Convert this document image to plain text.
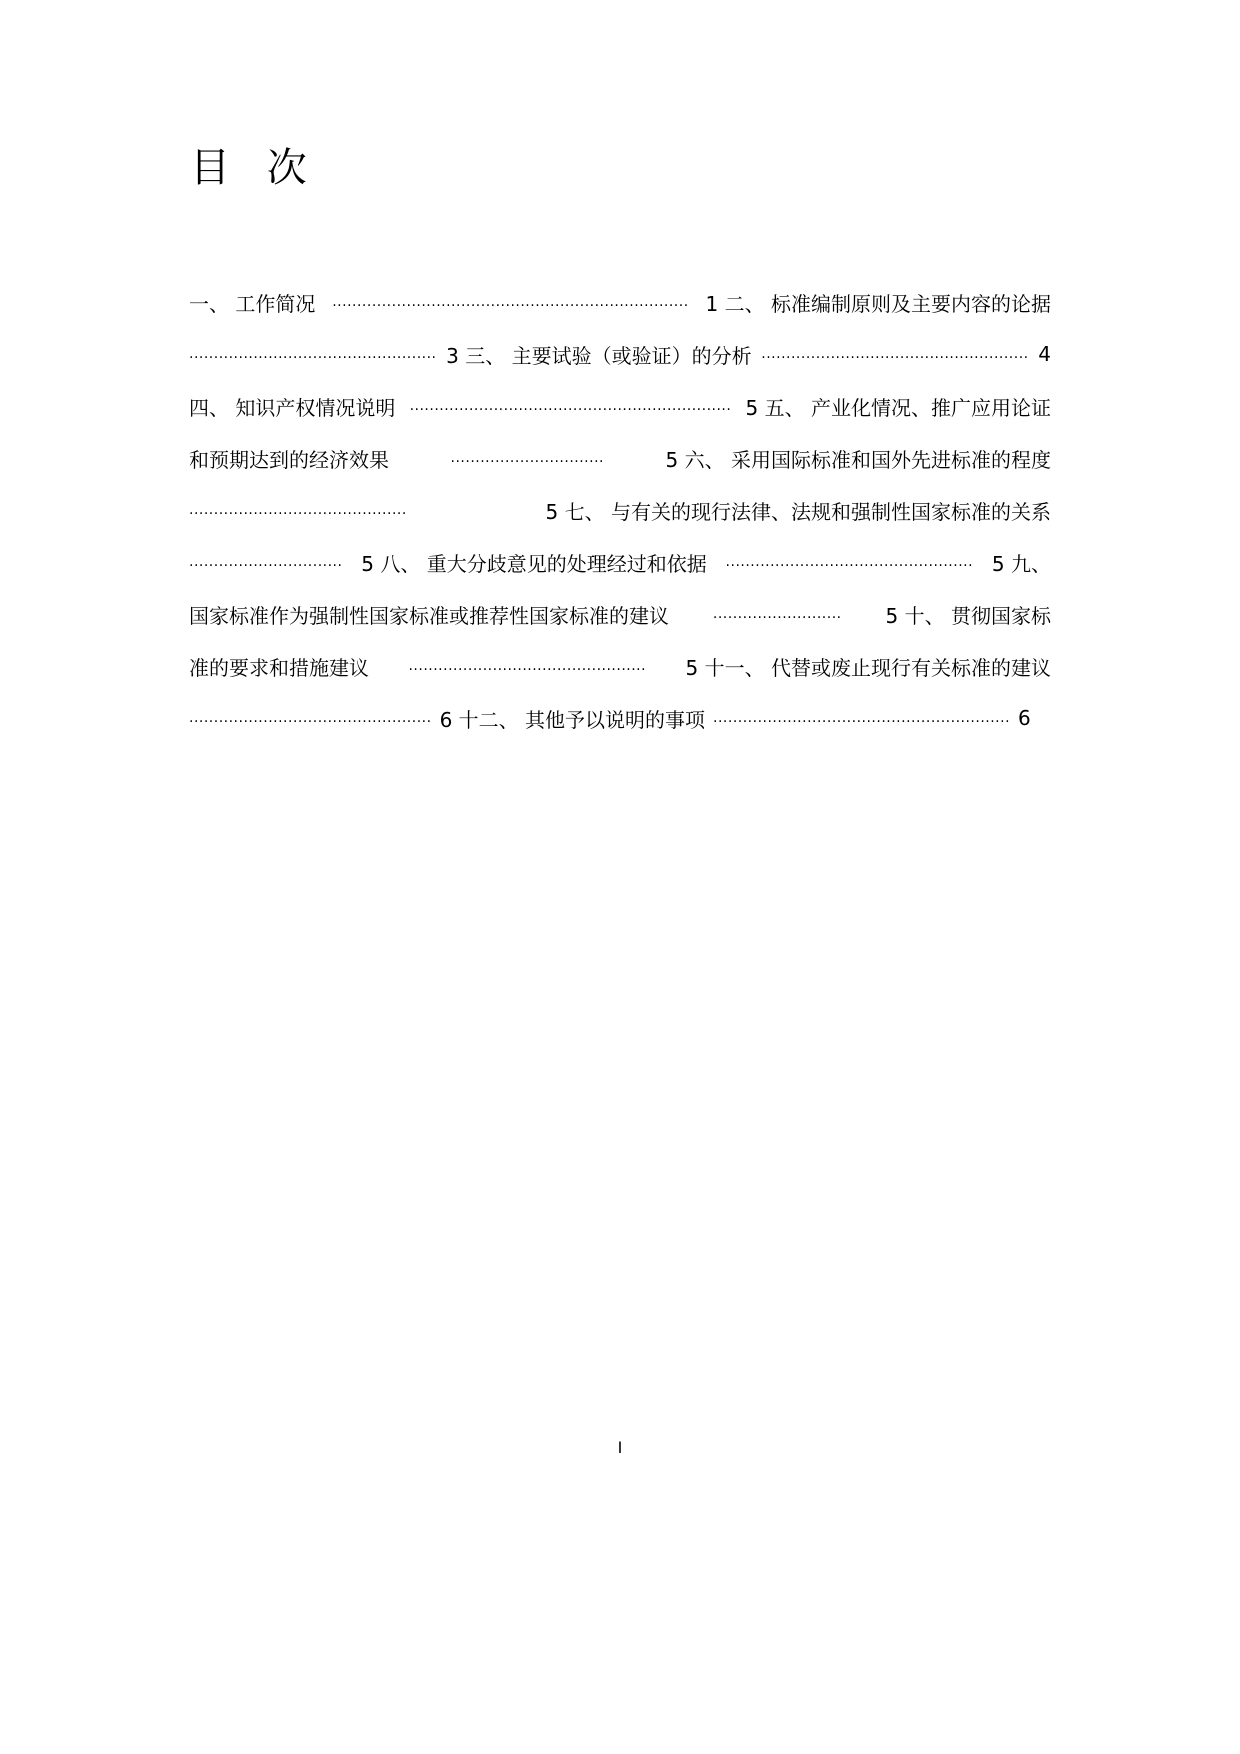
目 次
一、 工作简况 ........................................................................ 1 二、 标准编制原则及主要内容的论据
.................................................. 3 三、 主要试验（或验证）的分析 ...................................................... 4
四、 知识产权情况说明 ................................................................. 5 五、 产业化情况、推广应用论证
和预期达到的经济效果	...............................	5 六、 采用国际标准和国外先进标准的程度
............................................	5 七、 与有关的现行法律、法规和强制性国家标准的关系
............................... 5 八、 重大分歧意见的处理经过和依据 .................................................. 5 九、
国家标准作为强制性国家标准或推荐性国家标准的建议	.......................... 5 十、 贯彻国家标
准的要求和措施建议	................................................ 5 十一、 代替或废止现行有关标准的建议
................................................. 6 十二、 其他予以说明的事项 ............................................................ 6
I
